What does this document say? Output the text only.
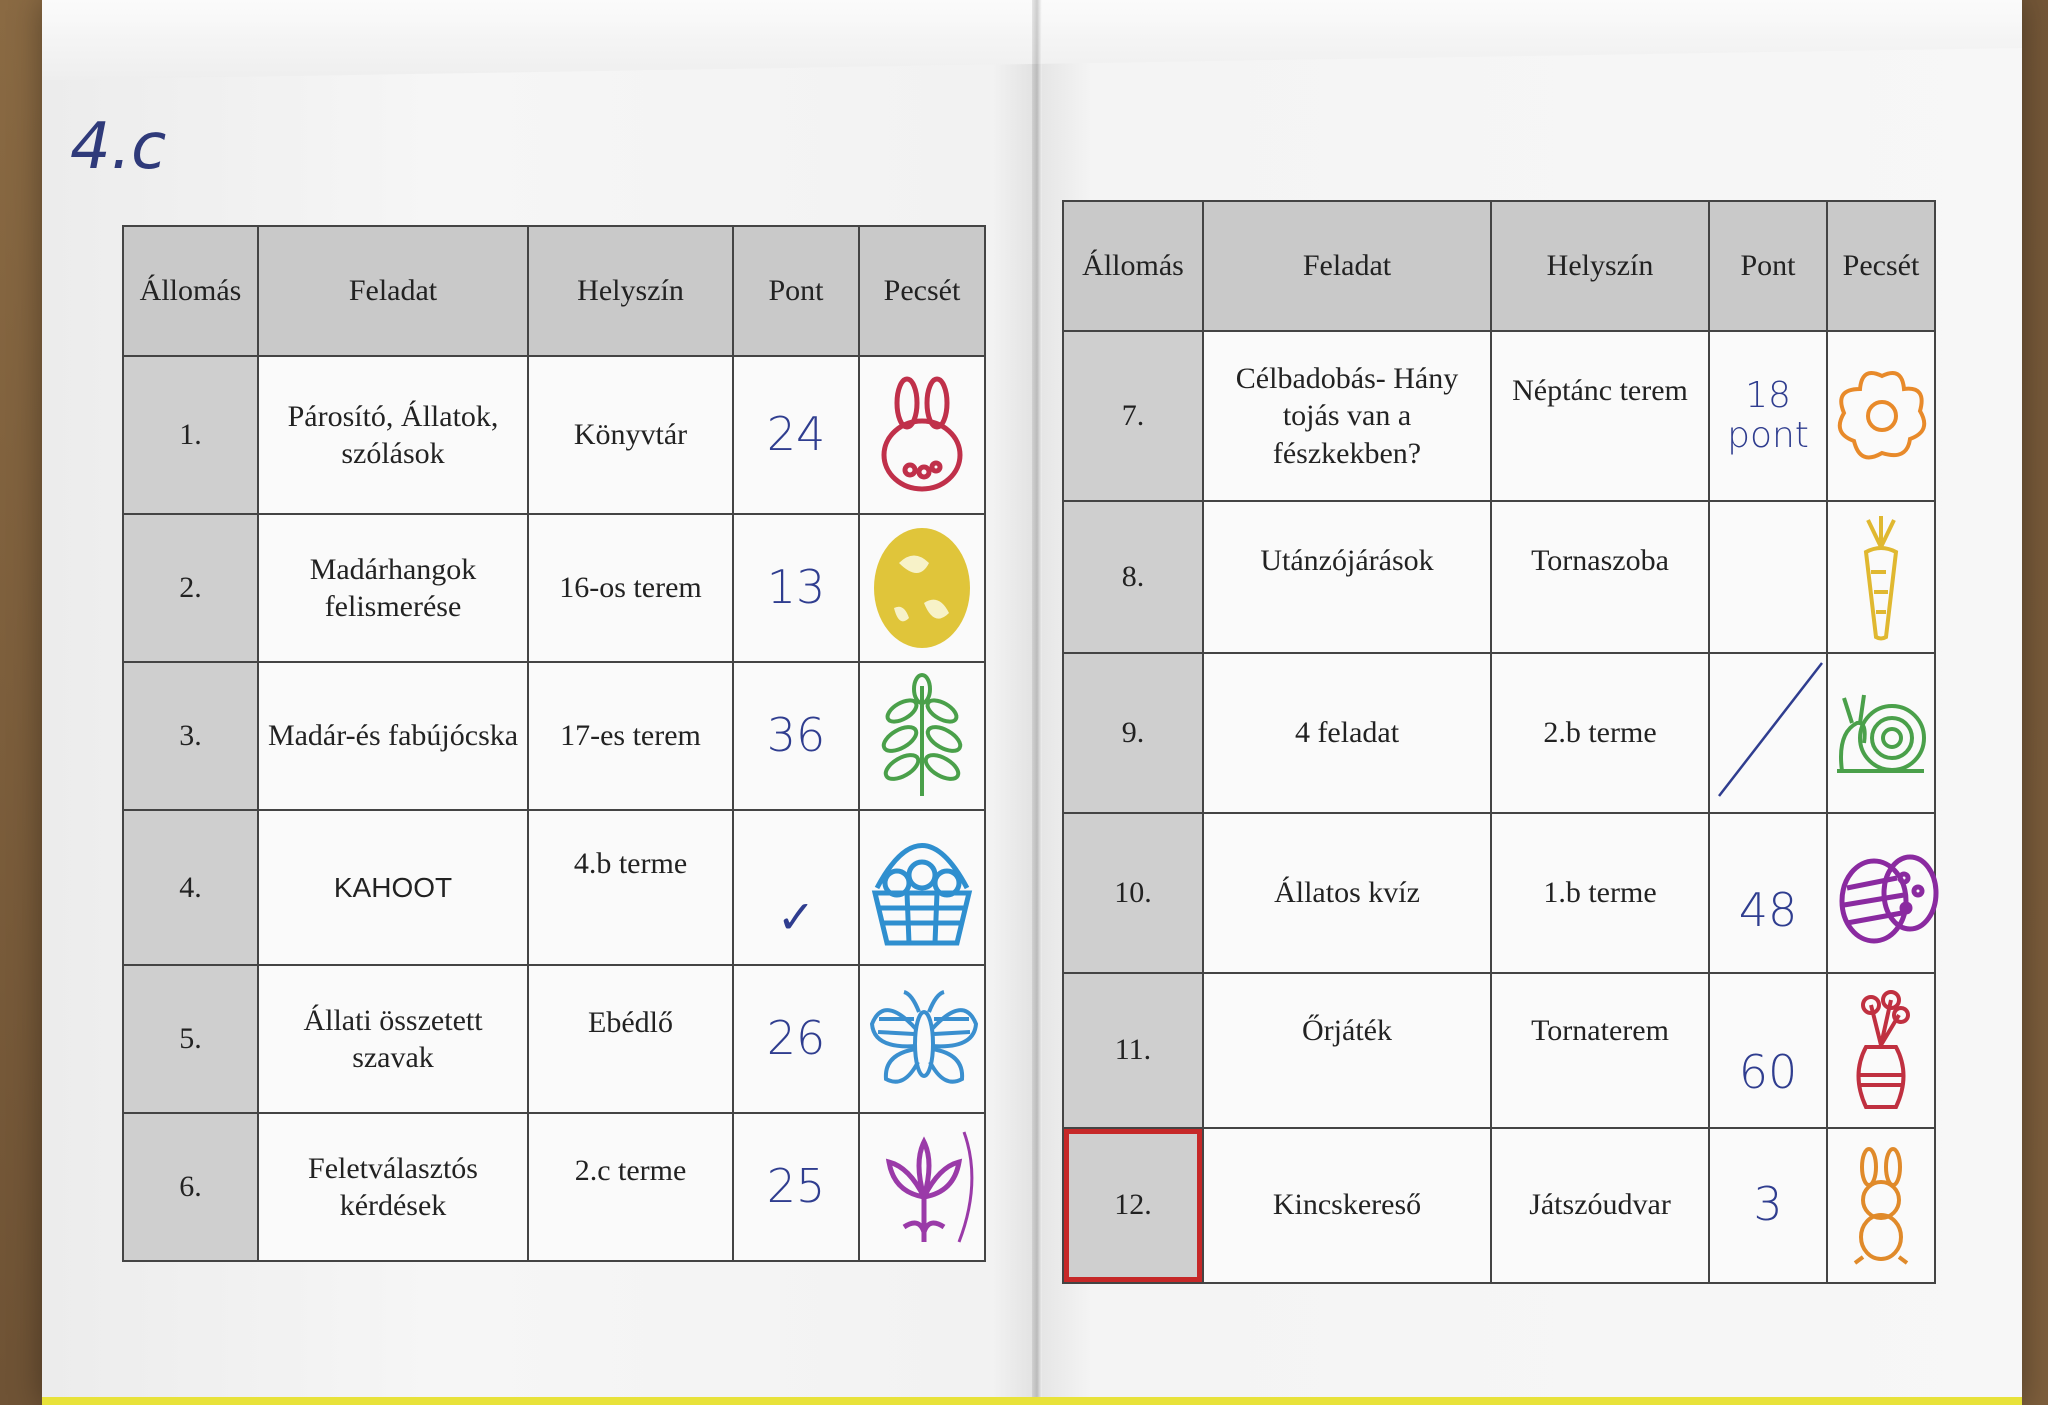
4.c
Állomás	Feladat	Helyszín	Pont	Pecsét
1.	Párosító, Állatok, szólások	Könyvtár	24	

2.	Madárhangok felismerése	16-os terem	13	

3.	Madár-és fabújócska	17-es terem	36	

4.	KAHOOT	4.b terme	✓	

5.	Állati összetett szavak	Ebédlő	26	

6.	Feletválasztós kérdések	2.c terme	25	
Állomás	Feladat	Helyszín	Pont	Pecsét
7.	Célbadobás- Hány tojás van a fészkekben?	Néptánc terem	18 pont	

8.	Utánzójárások	Tornaszoba		

9.	4 feladat	2.b terme		

10.	Állatos kvíz	1.b terme	48	

11.	Őrjáték	Tornaterem	60	

12.	Kincskereső	Játszóudvar	3	
